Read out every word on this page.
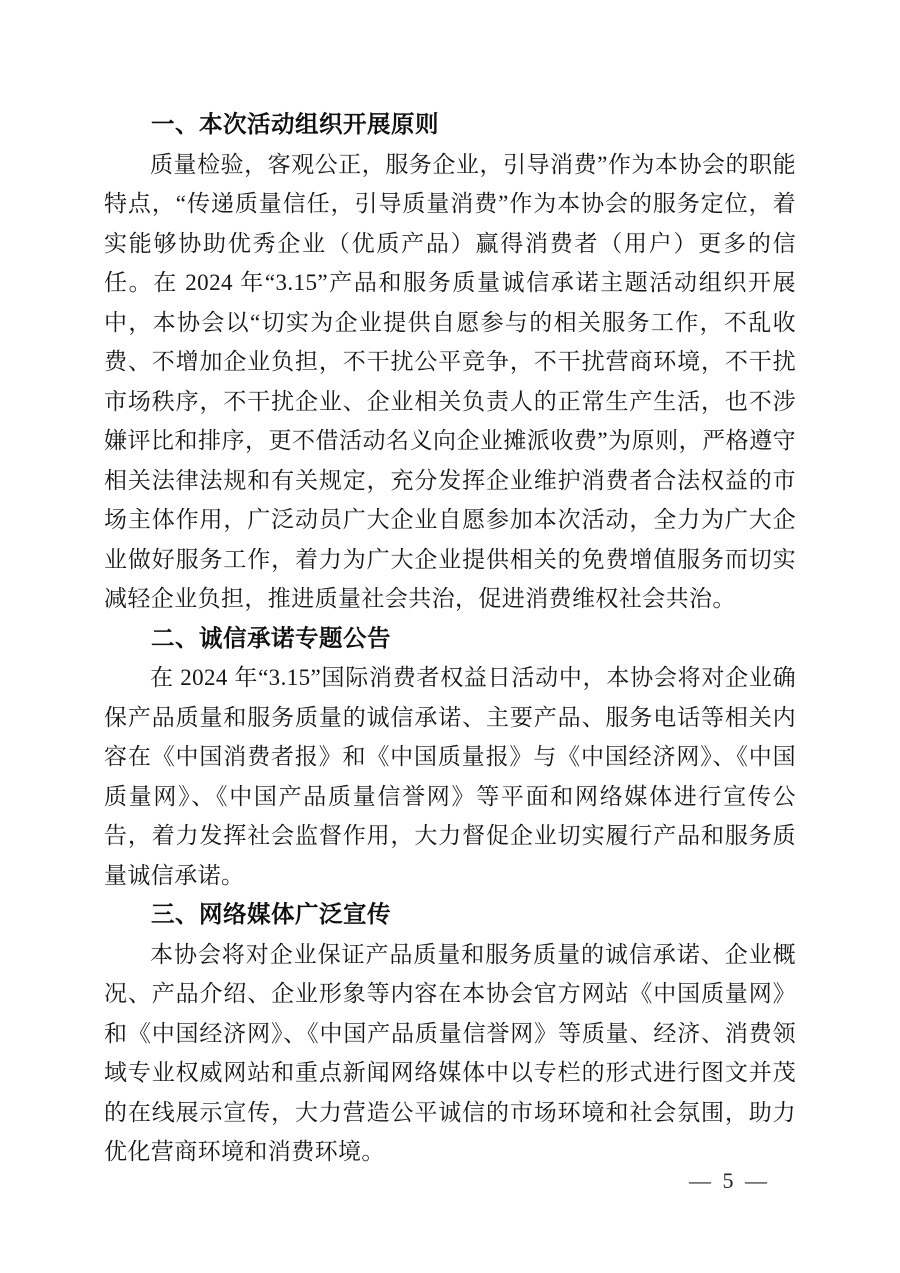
一、本次活动组织开展原则

质量检验，客观公正，服务企业，引导消费”作为本协会的职能特点，“传递质量信任，引导质量消费”作为本协会的服务定位，着实能够协助优秀企业（优质产品）赢得消费者（用户）更多的信任。在 2024 年“3.15”产品和服务质量诚信承诺主题活动组织开展中，本协会以“切实为企业提供自愿参与的相关服务工作，不乱收费、不增加企业负担，不干扰公平竞争，不干扰营商环境，不干扰市场秩序，不干扰企业、企业相关负责人的正常生产生活，也不涉嫌评比和排序，更不借活动名义向企业摊派收费”为原则，严格遵守相关法律法规和有关规定，充分发挥企业维护消费者合法权益的市场主体作用，广泛动员广大企业自愿参加本次活动，全力为广大企业做好服务工作，着力为广大企业提供相关的免费增值服务而切实减轻企业负担，推进质量社会共治，促进消费维权社会共治。

二、诚信承诺专题公告

在 2024 年“3.15”国际消费者权益日活动中，本协会将对企业确保产品质量和服务质量的诚信承诺、主要产品、服务电话等相关内容在《中国消费者报》和《中国质量报》与《中国经济网》、《中国质量网》、《中国产品质量信誉网》等平面和网络媒体进行宣传公告，着力发挥社会监督作用，大力督促企业切实履行产品和服务质量诚信承诺。

三、网络媒体广泛宣传

本协会将对企业保证产品质量和服务质量的诚信承诺、企业概况、产品介绍、企业形象等内容在本协会官方网站《中国质量网》和《中国经济网》、《中国产品质量信誉网》等质量、经济、消费领域专业权威网站和重点新闻网络媒体中以专栏的形式进行图文并茂的在线展示宣传，大力营造公平诚信的市场环境和社会氛围，助力优化营商环境和消费环境。

— 5 —
